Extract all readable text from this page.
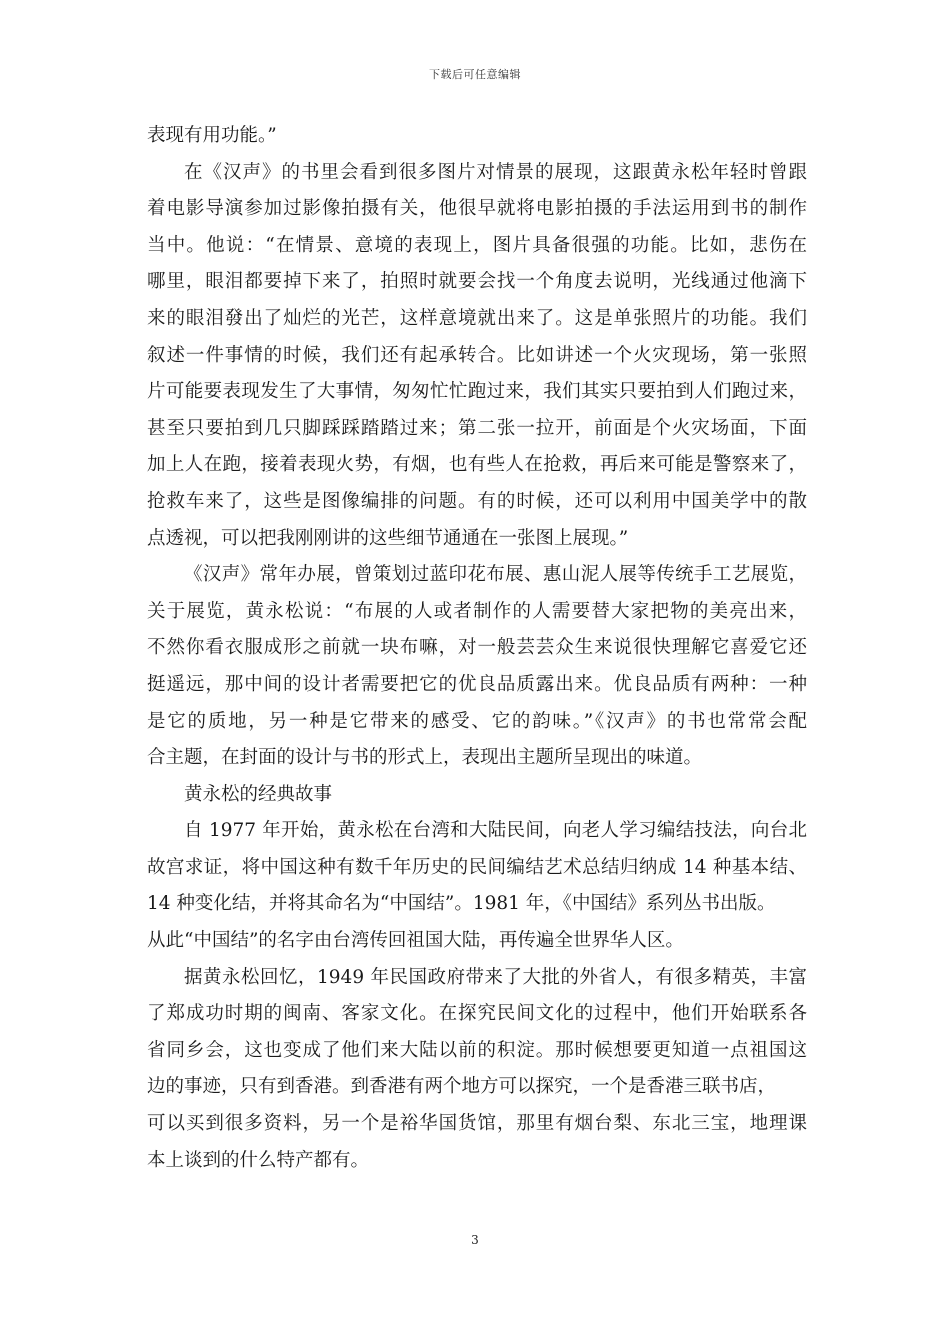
下载后可任意编辑
表现有用功能。”
在《汉声》的书里会看到很多图片对情景的展现，这跟黄永松年轻时曾跟
着电影导演参加过影像拍摄有关，他很早就将电影拍摄的手法运用到书的制作
当中。他说：“在情景、意境的表现上，图片具备很强的功能。比如，悲伤在
哪里，眼泪都要掉下来了，拍照时就要会找一个角度去说明，光线通过他滴下
来的眼泪發出了灿烂的光芒，这样意境就出来了。这是单张照片的功能。我们
叙述一件事情的时候，我们还有起承转合。比如讲述一个火灾现场，第一张照
片可能要表现发生了大事情，匆匆忙忙跑过来，我们其实只要拍到人们跑过来，
甚至只要拍到几只脚踩踩踏踏过来；第二张一拉开，前面是个火灾场面，下面
加上人在跑，接着表现火势，有烟，也有些人在抢救，再后来可能是警察来了，
抢救车来了，这些是图像编排的问题。有的时候，还可以利用中国美学中的散
点透视，可以把我刚刚讲的这些细节通通在一张图上展现。”
《汉声》常年办展，曾策划过蓝印花布展、惠山泥人展等传统手工艺展览，
关于展览，黄永松说：“布展的人或者制作的人需要替大家把物的美亮出来，
不然你看衣服成形之前就一块布嘛，对一般芸芸众生来说很快理解它喜爱它还
挺遥远，那中间的设计者需要把它的优良品质露出来。优良品质有两种：一种
是它的质地，另一种是它带来的感受、它的韵味。”《汉声》的书也常常会配
合主题，在封面的设计与书的形式上，表现出主题所呈现出的味道。
黄永松的经典故事
自 1977 年开始，黄永松在台湾和大陆民间，向老人学习编结技法，向台北
故宫求证，将中国这种有数千年历史的民间编结艺术总结归纳成 14 种基本结、
14 种变化结，并将其命名为“中国结”。1981 年，《中国结》系列丛书出版。
从此“中国结”的名字由台湾传回祖国大陆，再传遍全世界华人区。
据黄永松回忆，1949 年民国政府带来了大批的外省人，有很多精英，丰富
了郑成功时期的闽南、客家文化。在探究民间文化的过程中，他们开始联系各
省同乡会，这也变成了他们来大陆以前的积淀。那时候想要更知道一点祖国这
边的事迹，只有到香港。到香港有两个地方可以探究，一个是香港三联书店，
可以买到很多资料，另一个是裕华国货馆，那里有烟台梨、东北三宝，地理课
本上谈到的什么特产都有。
3
